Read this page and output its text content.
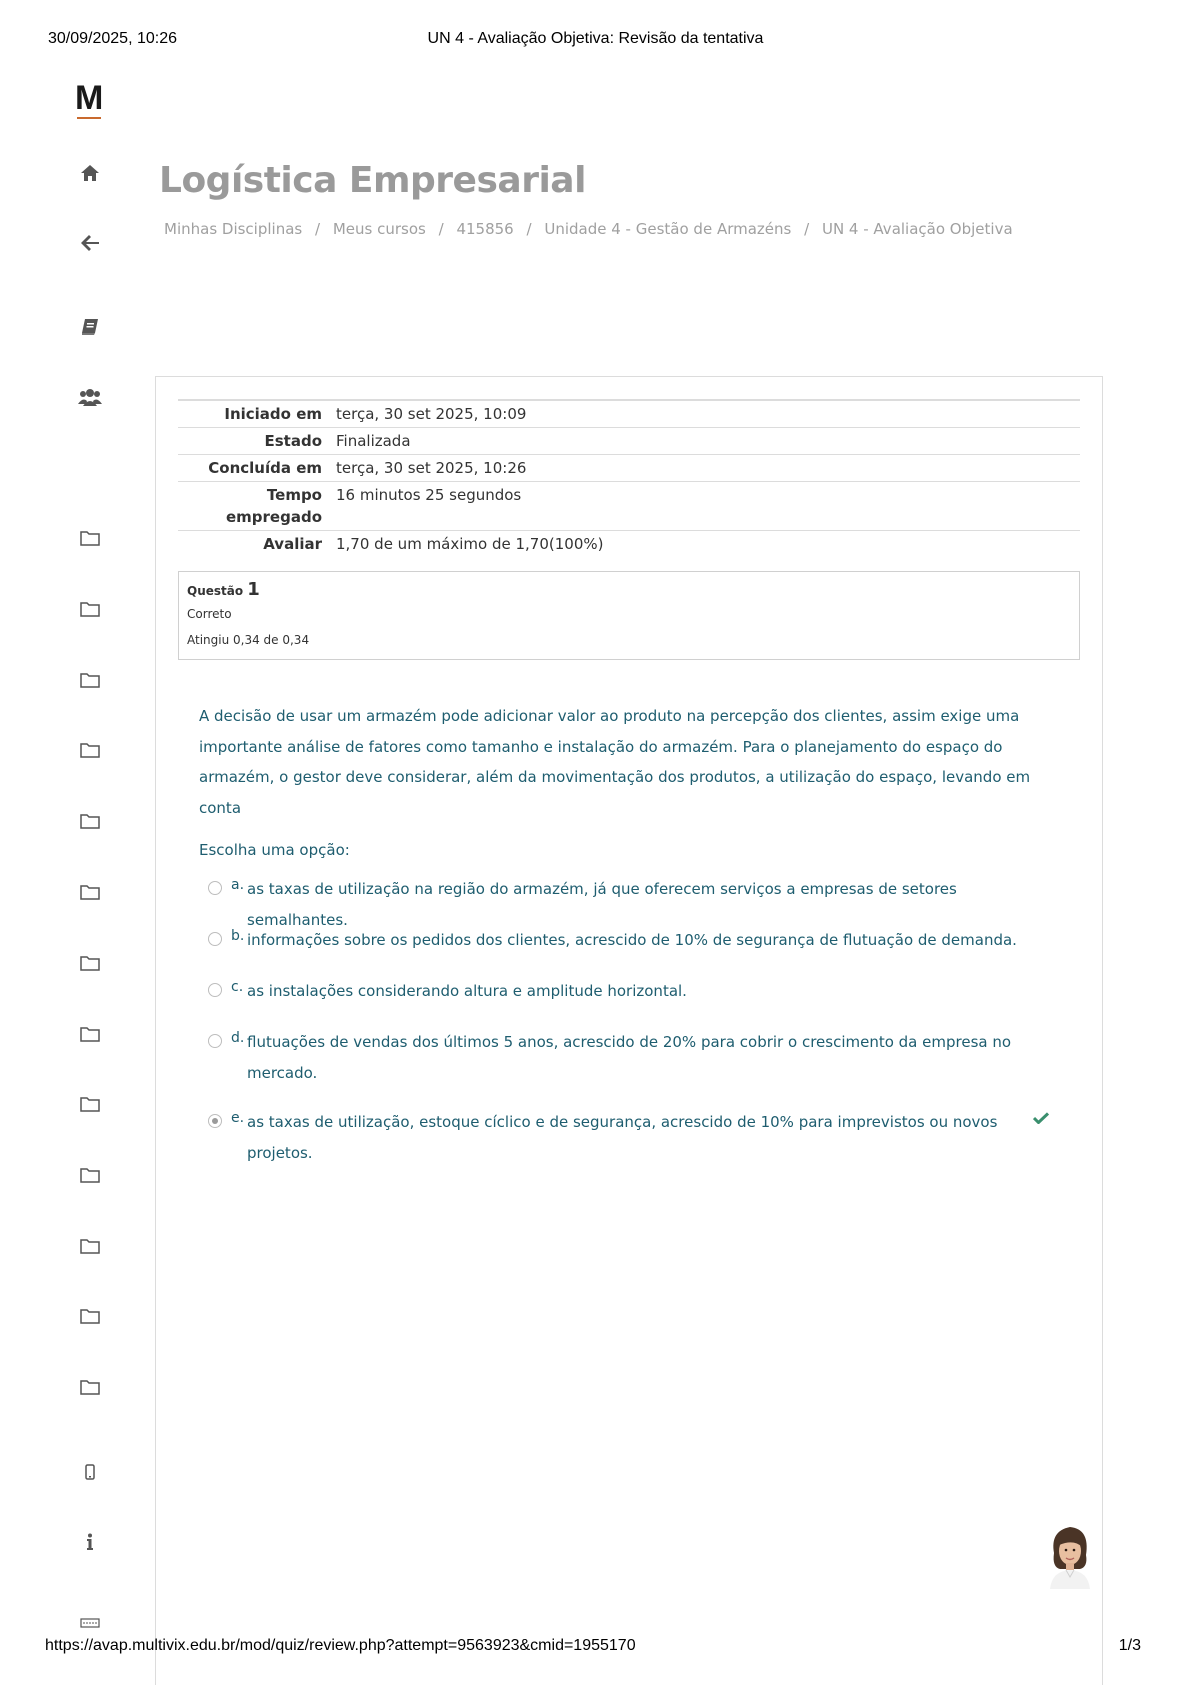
30/09/2025, 10:26	UN 4 - Avaliação Objetiva: Revisão da tentativa
M
Logística Empresarial
Minhas Disciplinas / Meus cursos / 415856 / Unidade 4 - Gestão de Armazéns / UN 4 - Avaliação Objetiva
Iniciado em	terça, 30 set 2025, 10:09
Estado	Finalizada
Concluída em	terça, 30 set 2025, 10:26
Tempo
empregado	16 minutos 25 segundos
Avaliar	1,70 de um máximo de 1,70(100%)
Questão 1
Correto
Atingiu 0,34 de 0,34
A decisão de usar um armazém pode adicionar valor ao produto na percepção dos clientes, assim exige uma importante análise de fatores como tamanho e instalação do armazém. Para o planejamento do espaço do armazém, o gestor deve considerar, além da movimentação dos produtos, a utilização do espaço, levando em conta
Escolha uma opção:
a. as taxas de utilização na região do armazém, já que oferecem serviços a empresas de setores semalhantes.
b. informações sobre os pedidos dos clientes, acrescido de 10% de segurança de flutuação de demanda.
c. as instalações considerando altura e amplitude horizontal.
d. flutuações de vendas dos últimos 5 anos, acrescido de 20% para cobrir o crescimento da empresa no mercado.
e. as taxas de utilização, estoque cíclico e de segurança, acrescido de 10% para imprevistos ou novos projetos.
https://avap.multivix.edu.br/mod/quiz/review.php?attempt=9563923&cmid=1955170	1/3
